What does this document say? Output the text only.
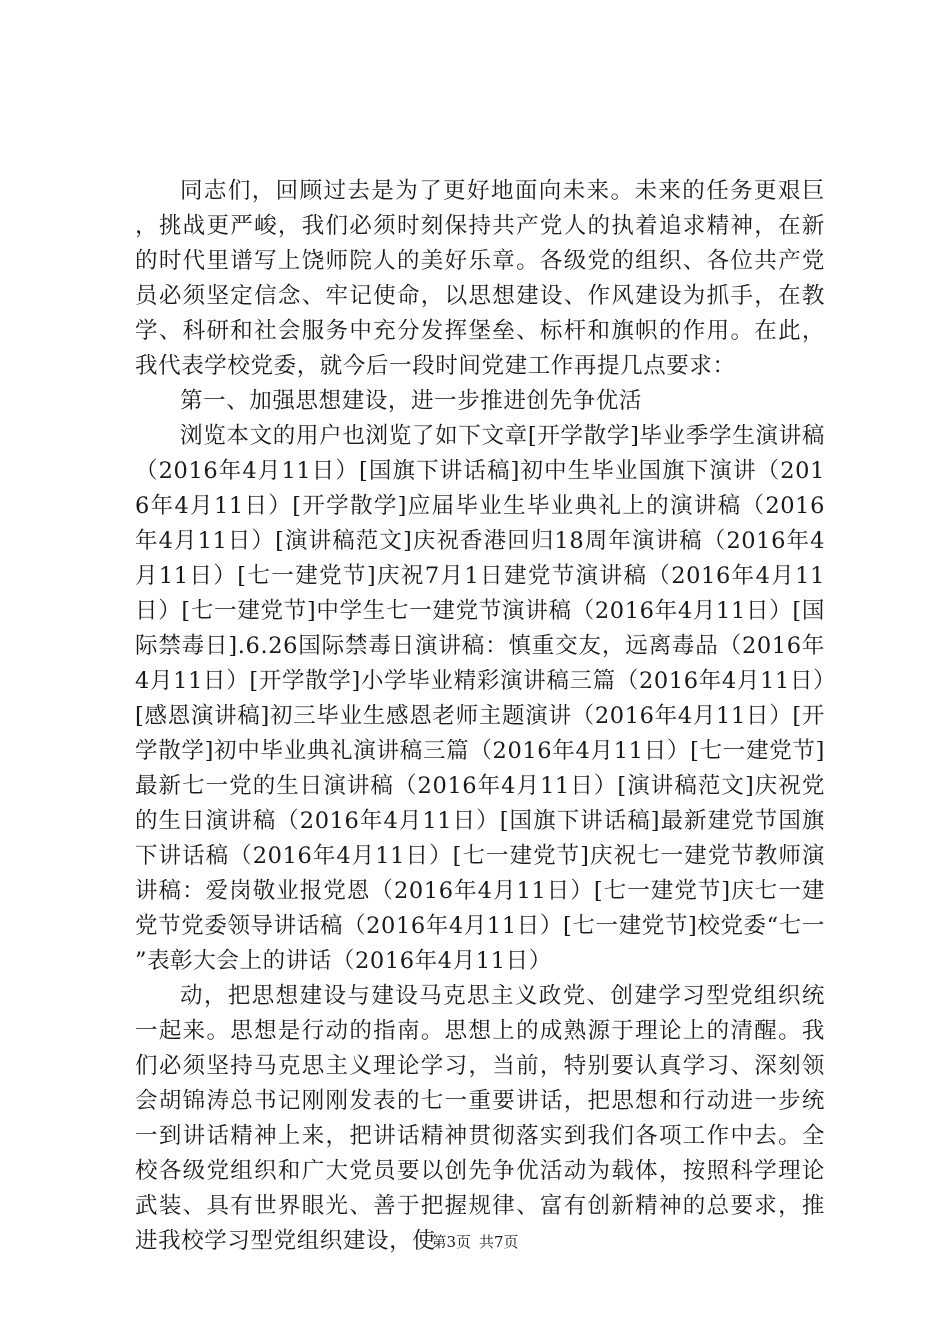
同志们，回顾过去是为了更好地面向未来。未来的任务更艰巨，挑战更严峻，我们必须时刻保持共产党人的执着追求精神，在新的时代里谱写上饶师院人的美好乐章。各级党的组织、各位共产党员必须坚定信念、牢记使命，以思想建设、作风建设为抓手，在教学、科研和社会服务中充分发挥堡垒、标杆和旗帜的作用。在此，我代表学校党委，就今后一段时间党建工作再提几点要求：

第一、加强思想建设，进一步推进创先争优活

浏览本文的用户也浏览了如下文章[开学散学]毕业季学生演讲稿（2016年4月11日）[国旗下讲话稿]初中生毕业国旗下演讲（2016年4月11日）[开学散学]应届毕业生毕业典礼上的演讲稿（2016年4月11日）[演讲稿范文]庆祝香港回归18周年演讲稿（2016年4月11日）[七一建党节]庆祝7月1日建党节演讲稿（2016年4月11日）[七一建党节]中学生七一建党节演讲稿（2016年4月11日）[国际禁毒日].6.26国际禁毒日演讲稿：慎重交友，远离毒品（2016年4月11日）[开学散学]小学毕业精彩演讲稿三篇（2016年4月11日）[感恩演讲稿]初三毕业生感恩老师主题演讲（2016年4月11日）[开学散学]初中毕业典礼演讲稿三篇（2016年4月11日）[七一建党节]最新七一党的生日演讲稿（2016年4月11日）[演讲稿范文]庆祝党的生日演讲稿（2016年4月11日）[国旗下讲话稿]最新建党节国旗下讲话稿（2016年4月11日）[七一建党节]庆祝七一建党节教师演讲稿：爱岗敬业报党恩（2016年4月11日）[七一建党节]庆七一建党节党委领导讲话稿（2016年4月11日）[七一建党节]校党委“七一”表彰大会上的讲话（2016年4月11日）

动，把思想建设与建设马克思主义政党、创建学习型党组织统一起来。思想是行动的指南。思想上的成熟源于理论上的清醒。我们必须坚持马克思主义理论学习，当前，特别要认真学习、深刻领会胡锦涛总书记刚刚发表的七一重要讲话，把思想和行动进一步统一到讲话精神上来，把讲话精神贯彻落实到我们各项工作中去。全校各级党组织和广大党员要以创先争优活动为载体，按照科学理论武装、具有世界眼光、善于把握规律、富有创新精神的总要求，推进我校学习型党组织建设，使

第3页 共7页
